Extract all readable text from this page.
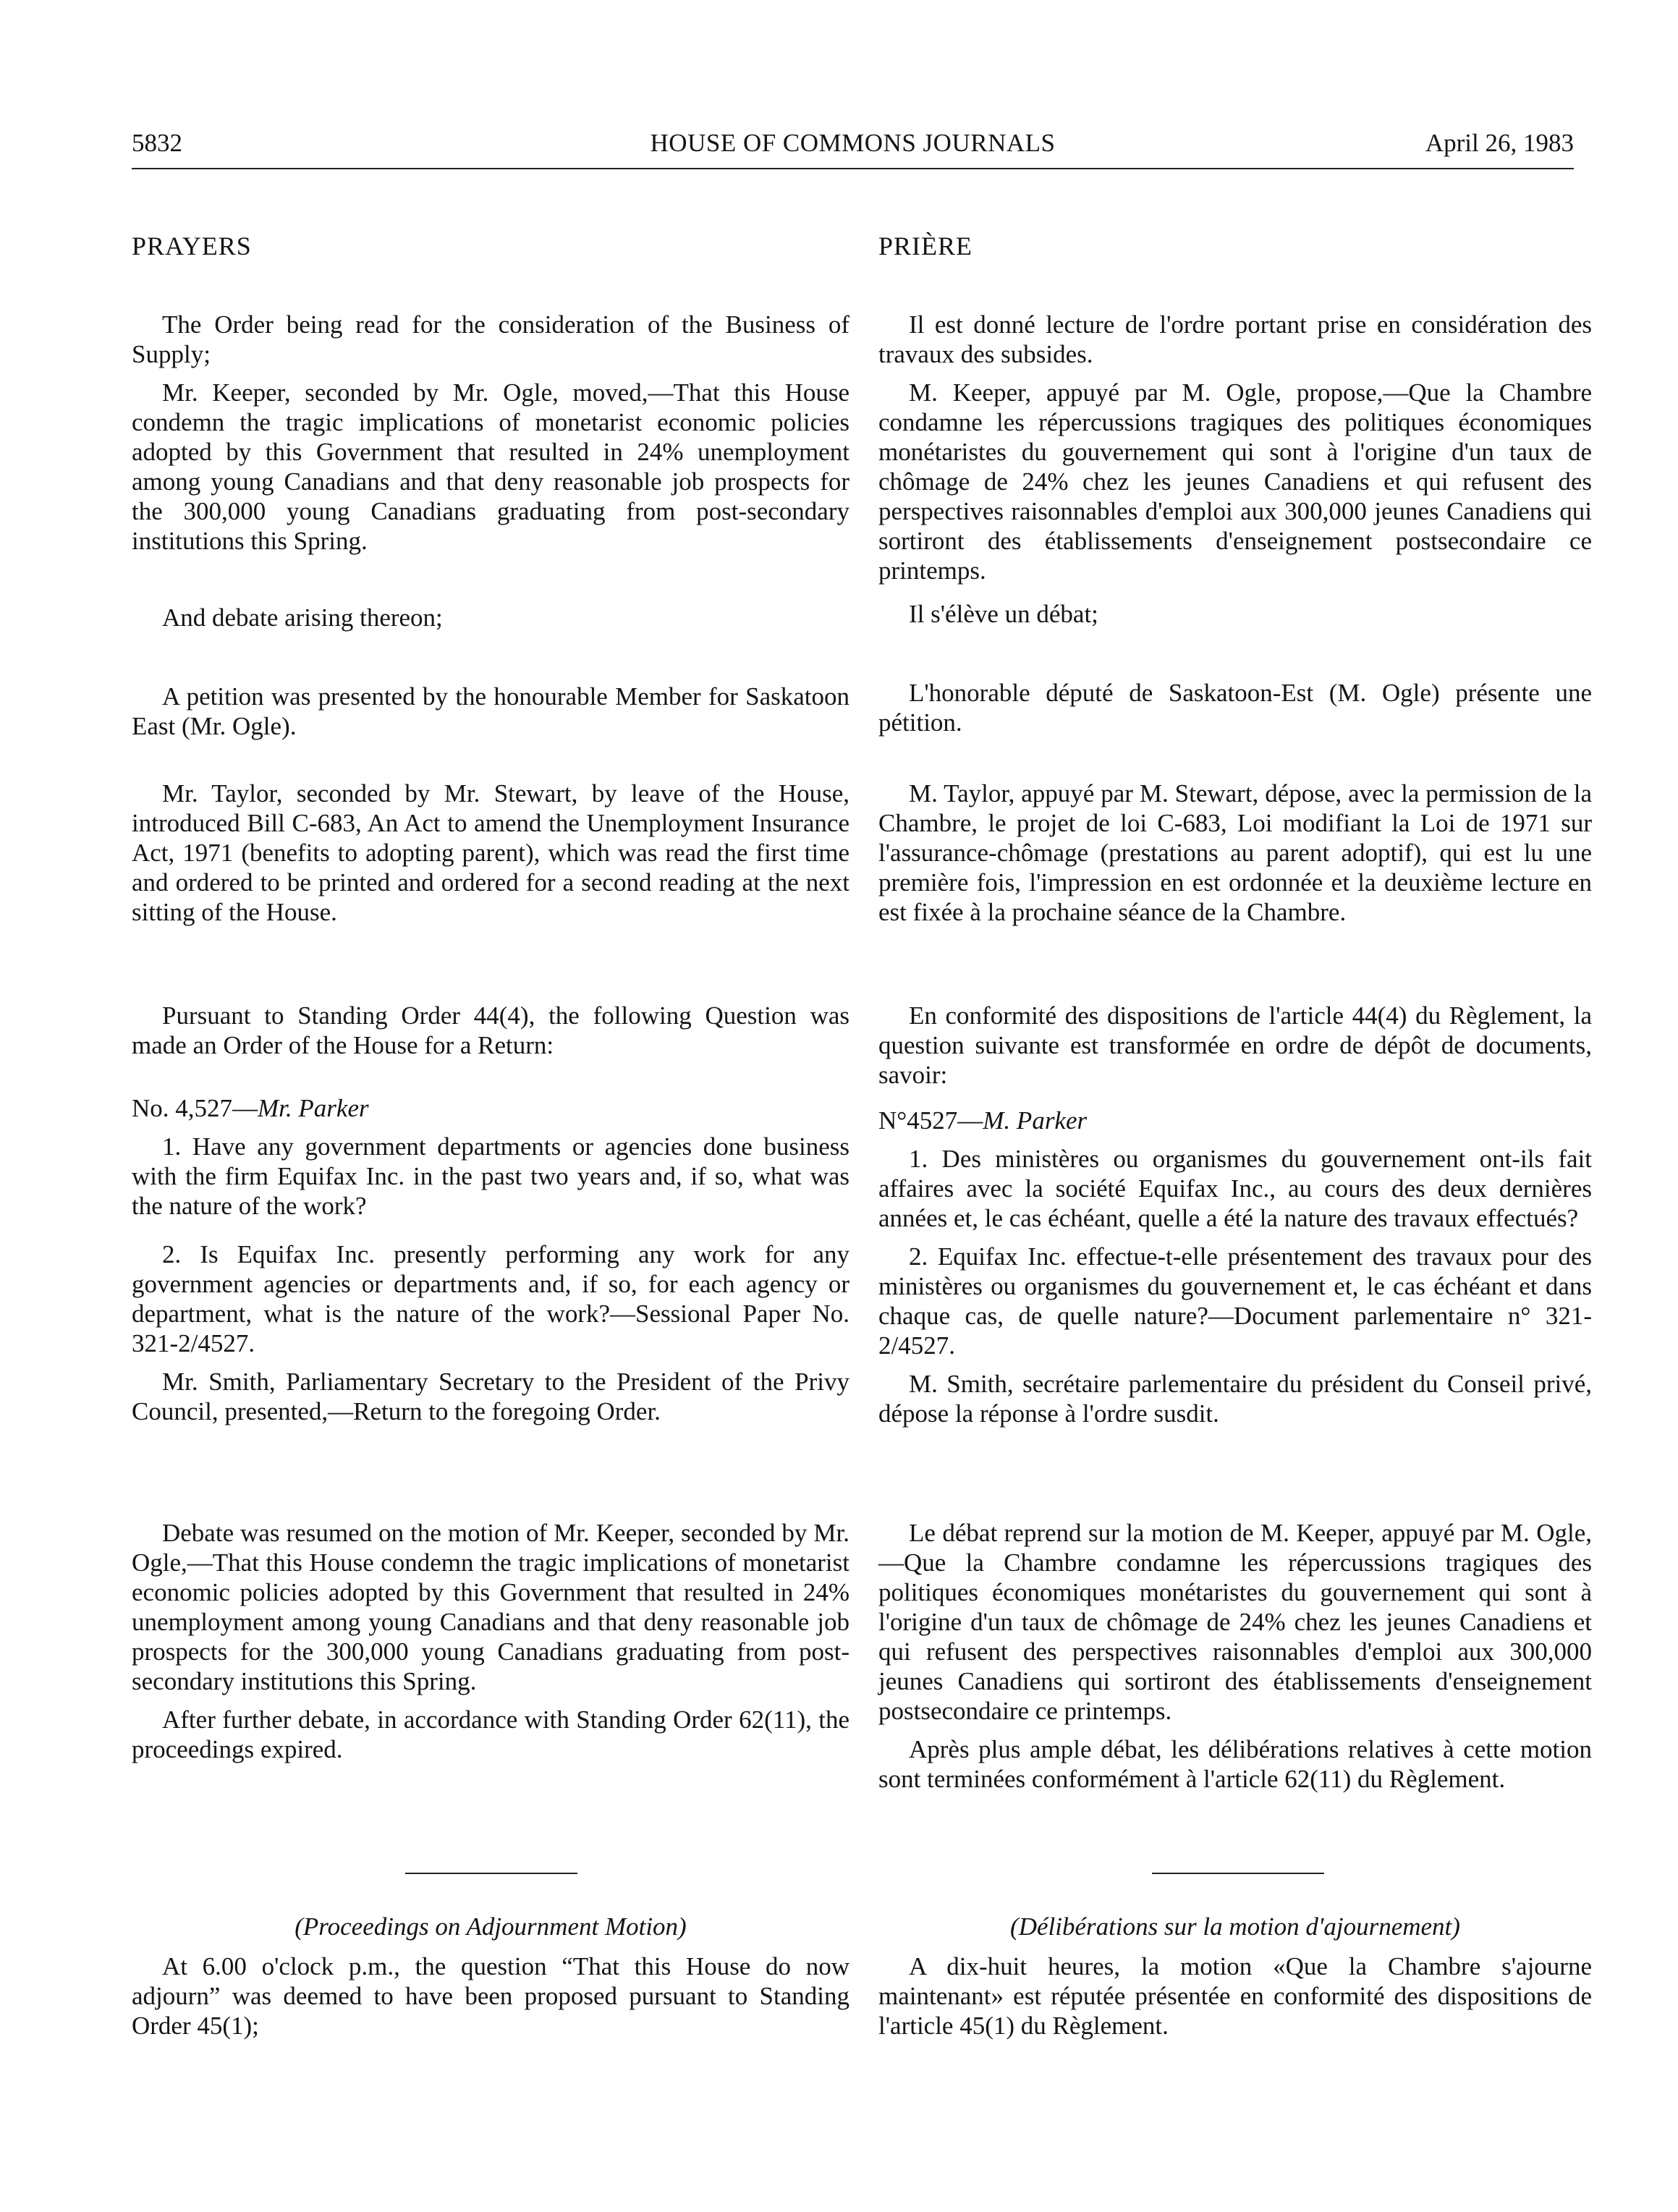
5832	HOUSE OF COMMONS JOURNALS	April 26, 1983

PRAYERS

The Order being read for the consideration of the Business of Supply;

Mr. Keeper, seconded by Mr. Ogle, moved,—That this House condemn the tragic implications of monetarist economic policies adopted by this Government that resulted in 24% unemployment among young Canadians and that deny reasonable job prospects for the 300,000 young Canadians graduating from post-secondary institutions this Spring.

And debate arising thereon;

A petition was presented by the honourable Member for Saskatoon East (Mr. Ogle).

Mr. Taylor, seconded by Mr. Stewart, by leave of the House, introduced Bill C-683, An Act to amend the Unemployment Insurance Act, 1971 (benefits to adopting parent), which was read the first time and ordered to be printed and ordered for a second reading at the next sitting of the House.

Pursuant to Standing Order 44(4), the following Question was made an Order of the House for a Return:

No. 4,527—Mr. Parker

1. Have any government departments or agencies done business with the firm Equifax Inc. in the past two years and, if so, what was the nature of the work?

2. Is Equifax Inc. presently performing any work for any government agencies or departments and, if so, for each agency or department, what is the nature of the work?—Sessional Paper No. 321-2/4527.

Mr. Smith, Parliamentary Secretary to the President of the Privy Council, presented,—Return to the foregoing Order.

Debate was resumed on the motion of Mr. Keeper, seconded by Mr. Ogle,—That this House condemn the tragic implications of monetarist economic policies adopted by this Government that resulted in 24% unemployment among young Canadians and that deny reasonable job prospects for the 300,000 young Canadians graduating from post-secondary institutions this Spring.

After further debate, in accordance with Standing Order 62(11), the proceedings expired.

(Proceedings on Adjournment Motion)

At 6.00 o'clock p.m., the question “That this House do now adjourn” was deemed to have been proposed pursuant to Standing Order 45(1);

PRIÈRE

Il est donné lecture de l'ordre portant prise en considération des travaux des subsides.

M. Keeper, appuyé par M. Ogle, propose,—Que la Chambre condamne les répercussions tragiques des politiques économiques monétaristes du gouvernement qui sont à l'origine d'un taux de chômage de 24% chez les jeunes Canadiens et qui refusent des perspectives raisonnables d'emploi aux 300,000 jeunes Canadiens qui sortiront des établissements d'enseignement postsecondaire ce printemps.

Il s'élève un débat;

L'honorable député de Saskatoon-Est (M. Ogle) présente une pétition.

M. Taylor, appuyé par M. Stewart, dépose, avec la permission de la Chambre, le projet de loi C-683, Loi modifiant la Loi de 1971 sur l'assurance-chômage (prestations au parent adoptif), qui est lu une première fois, l'impression en est ordonnée et la deuxième lecture en est fixée à la prochaine séance de la Chambre.

En conformité des dispositions de l'article 44(4) du Règlement, la question suivante est transformée en ordre de dépôt de documents, savoir:

N°4527—M. Parker

1. Des ministères ou organismes du gouvernement ont-ils fait affaires avec la société Equifax Inc., au cours des deux dernières années et, le cas échéant, quelle a été la nature des travaux effectués?

2. Equifax Inc. effectue-t-elle présentement des travaux pour des ministères ou organismes du gouvernement et, le cas échéant et dans chaque cas, de quelle nature?—Document parlementaire n° 321-2/4527.

M. Smith, secrétaire parlementaire du président du Conseil privé, dépose la réponse à l'ordre susdit.

Le débat reprend sur la motion de M. Keeper, appuyé par M. Ogle,—Que la Chambre condamne les répercussions tragiques des politiques économiques monétaristes du gouvernement qui sont à l'origine d'un taux de chômage de 24% chez les jeunes Canadiens et qui refusent des perspectives raisonnables d'emploi aux 300,000 jeunes Canadiens qui sortiront des établissements d'enseignement postsecondaire ce printemps.

Après plus ample débat, les délibérations relatives à cette motion sont terminées conformément à l'article 62(11) du Règlement.

(Délibérations sur la motion d'ajournement)

A dix-huit heures, la motion «Que la Chambre s'ajourne maintenant» est réputée présentée en conformité des dispositions de l'article 45(1) du Règlement.
